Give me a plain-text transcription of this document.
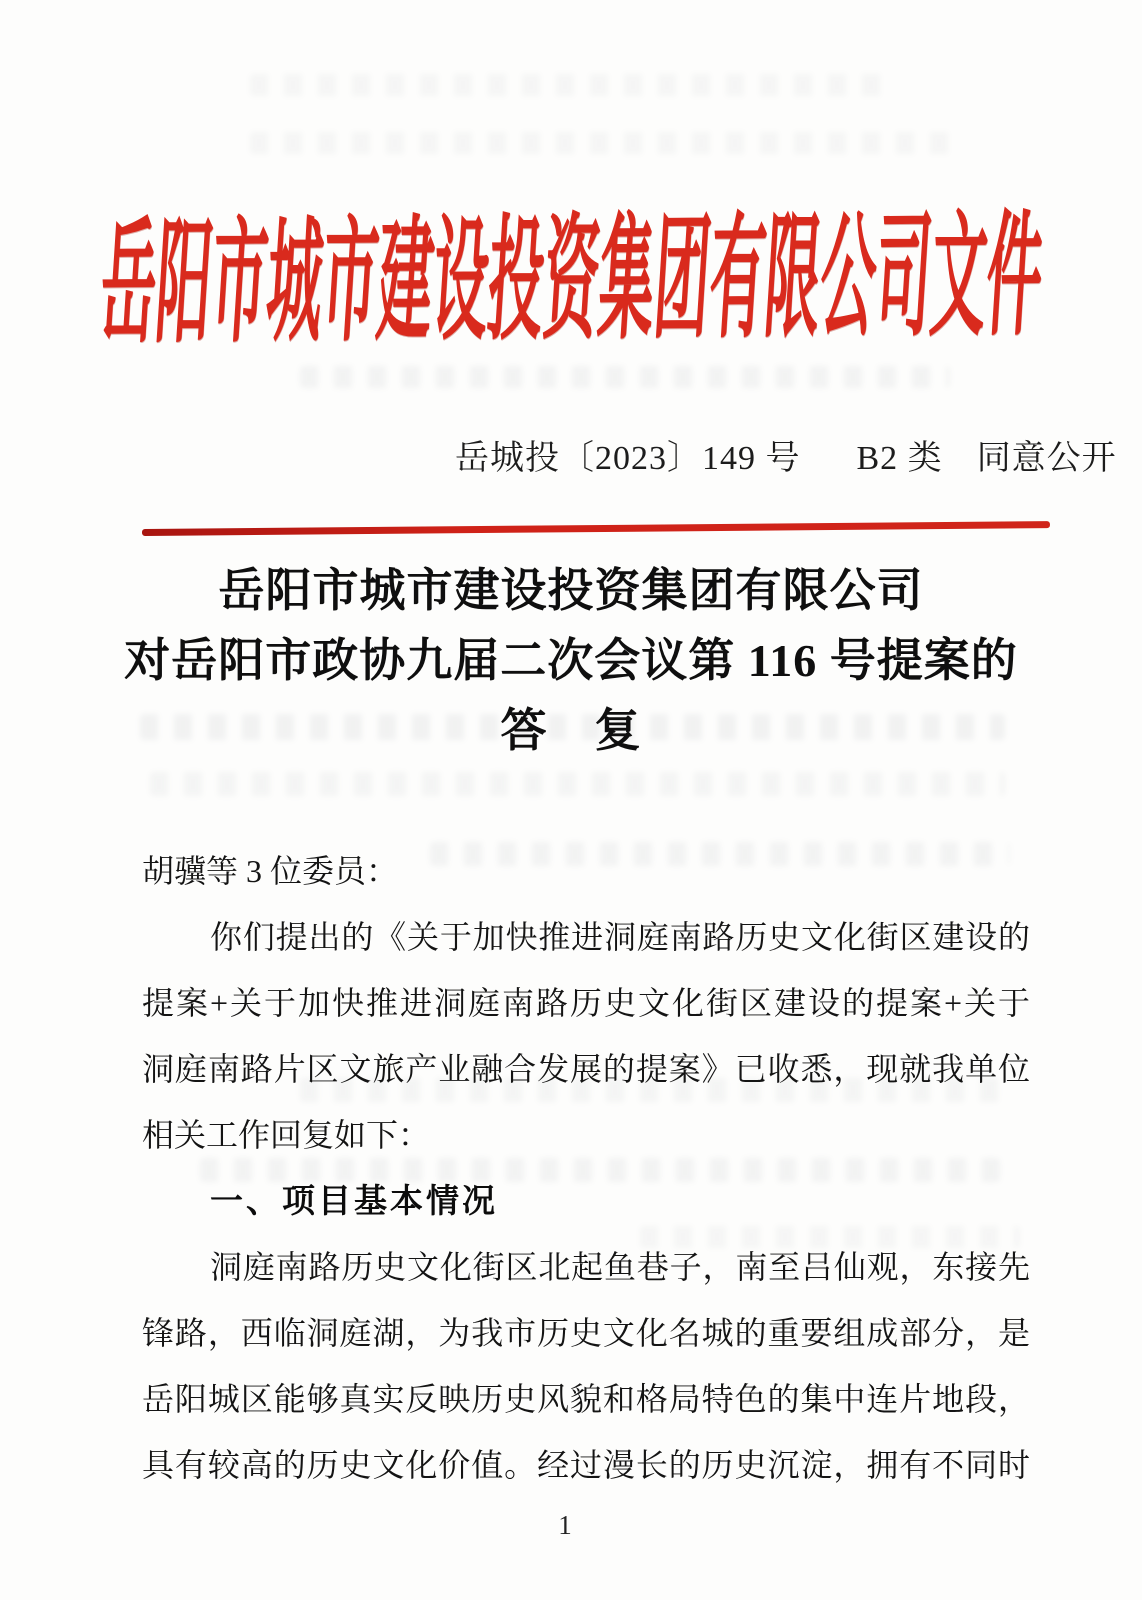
岳阳市城市建设投资集团有限公司文件
岳城投〔2023〕149 号 B2 类 同意公开
岳阳市城市建设投资集团有限公司
对岳阳市政协九届二次会议第 116 号提案的
答　复
胡骥等 3 位委员：
你们提出的《关于加快推进洞庭南路历史文化街区建设的
提案+关于加快推进洞庭南路历史文化街区建设的提案+关于
洞庭南路片区文旅产业融合发展的提案》已收悉，现就我单位
相关工作回复如下：
一、项目基本情况
洞庭南路历史文化街区北起鱼巷子，南至吕仙观，东接先
锋路，西临洞庭湖，为我市历史文化名城的重要组成部分，是
岳阳城区能够真实反映历史风貌和格局特色的集中连片地段，
具有较高的历史文化价值。经过漫长的历史沉淀，拥有不同时
1
